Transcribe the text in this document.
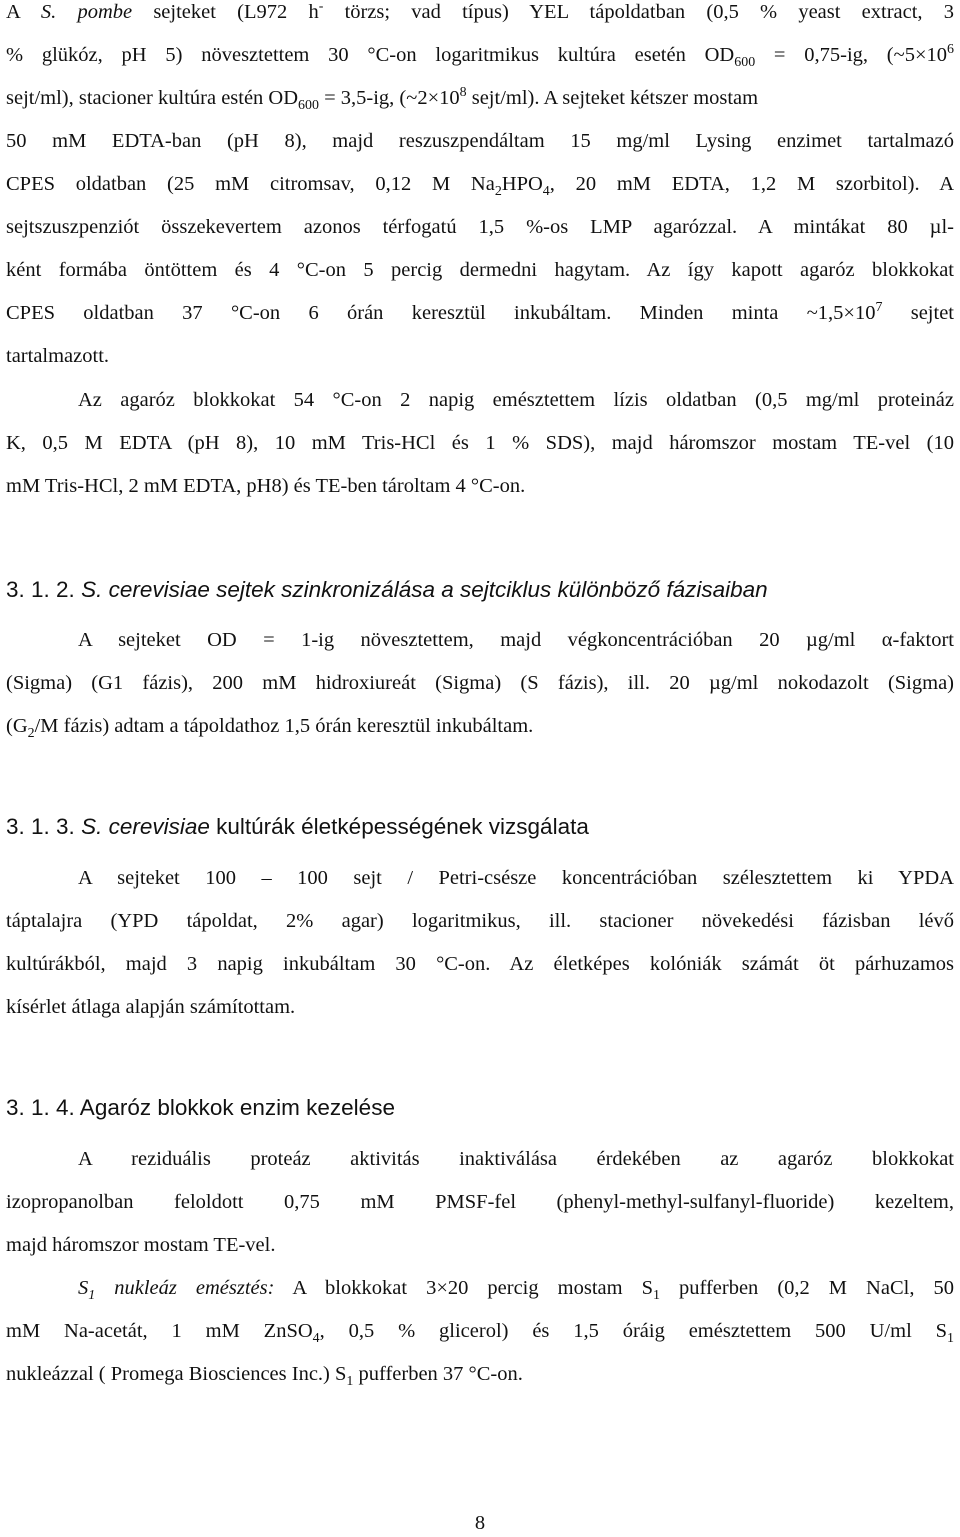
A S. pombe sejteket (L972 h- törzs; vad típus) YEL tápoldatban (0,5 % yeast extract, 3
% glükóz, pH 5) növesztettem 30 °C-on logaritmikus kultúra esetén $OD_{600} = 0,75-ig$, ($\sim 5\times 10^6$
sejt/ml), stacioner kultúra estén $OD_{600} = 3,5-ig$, ($\sim 2\times 10^8$ sejt/ml). A sejteket kétszer mostam
50 mM EDTA-ban (pH 8), majd reszuszpendáltam 15 mg/ml Lysing enzimet tartalmazó
CPES oldatban (25 mM citromsav, 0,12 M $Na_2HPO_4$, 20 mM EDTA, 1,2 M szorbitol). A
sejtszuszpenziót összekevertem azonos térfogatú 1,5 %-os LMP agarózzal. A mintákat 80 µl-
ként formába öntöttem és 4 °C-on 5 percig dermedni hagytam. Az így kapott agaróz blokkokat
CPES oldatban 37 °C-on 6 órán keresztül inkubáltam. Minden minta $\sim 1,5\times 10^7$ sejtet
tartalmazott.
Az agaróz blokkokat 54 °C-on 2 napig emésztettem lízis oldatban (0,5 mg/ml proteináz
K, 0,5 M EDTA (pH 8), 10 mM Tris-HCl és 1 % SDS), majd háromszor mostam TE-vel (10
mM Tris-HCl, 2 mM EDTA, pH8) és TE-ben tároltam 4 °C-on.
3. 1. 2. S. cerevisiae sejtek szinkronizálása a sejtciklus különböző fázisaiban
A sejteket OD = 1-ig növesztettem, majd végkoncentrációban 20 µg/ml α-faktort
(Sigma) (G1 fázis), 200 mM hidroxiureát (Sigma) (S fázis), ill. 20 µg/ml nokodazolt (Sigma)
($G_2/M$ fázis) adtam a tápoldathoz 1,5 órán keresztül inkubáltam.
3. 1. 3. S. cerevisiae kultúrák életképességének vizsgálata
A sejteket 100 – 100 sejt / Petri-csésze koncentrációban szélesztettem ki YPDA
táptalajra (YPD tápoldat, 2% agar) logaritmikus, ill. stacioner növekedési fázisban lévő
kultúrákból, majd 3 napig inkubáltam 30 °C-on. Az életképes kolóniák számát öt párhuzamos
kísérlet átlaga alapján számítottam.
3. 1. 4. Agaróz blokkok enzim kezelése
A reziduális proteáz aktivitás inaktiválása érdekében az agaróz blokkokat
izopropanolban feloldott 0,75 mM PMSF-fel (phenyl-methyl-sulfanyl-fluoride) kezeltem,
majd háromszor mostam TE-vel.
$S_1$ nukleáz emésztés: A blokkokat 3×20 percig mostam $S_1$ pufferben (0,2 M NaCl, 50
mM Na-acetát, 1 mM ZnSO$_4$, 0,5 % glicerol) és 1,5 óráig emésztettem 500 U/ml $S_1$
nukleázzal ( Promega Biosciences Inc.) $S_1$ pufferben 37 °C-on.
8
